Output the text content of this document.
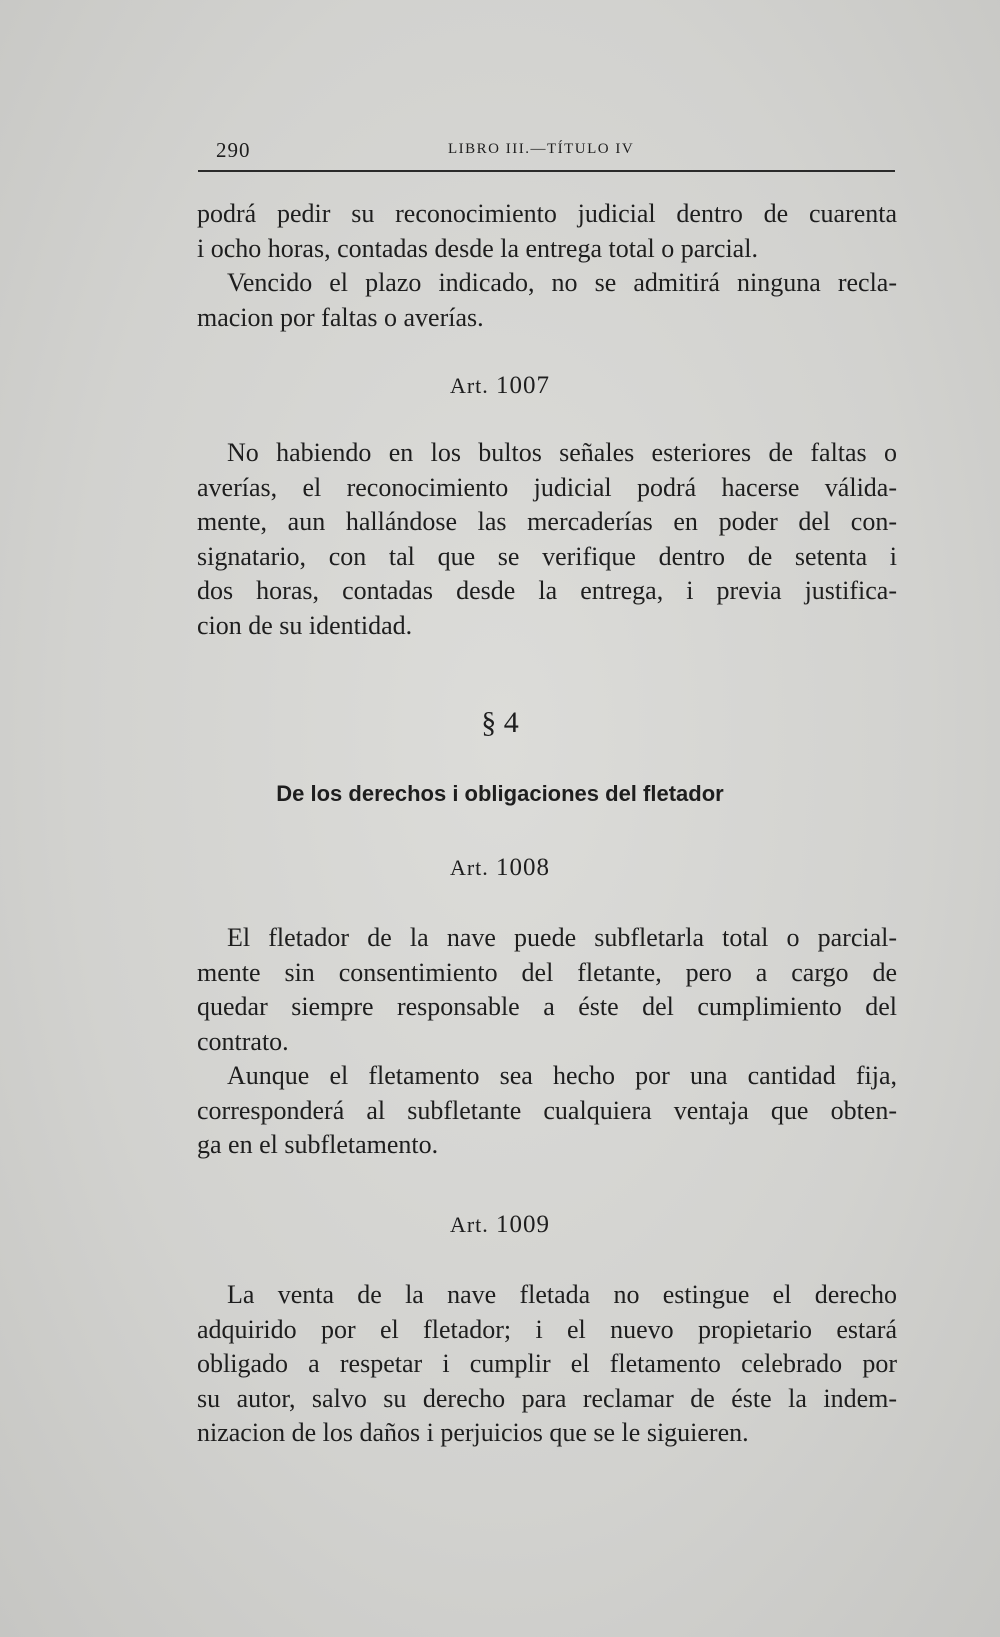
290	LIBRO III.—TÍTULO IV

podrá pedir su reconocimiento judicial dentro de cuarenta

i ocho horas, contadas desde la entrega total o parcial.

Vencido el plazo indicado, no se admitirá ninguna recla-

macion por faltas o averías.

Art. 1007

No habiendo en los bultos señales esteriores de faltas o

averías, el reconocimiento judicial podrá hacerse válida-

mente, aun hallándose las mercaderías en poder del con-

signatario, con tal que se verifique dentro de setenta i

dos horas, contadas desde la entrega, i previa justifica-

cion de su identidad.

§ 4
De los derechos i obligaciones del fletador
Art. 1008

El fletador de la nave puede subfletarla total o parcial-

mente sin consentimiento del fletante, pero a cargo de

quedar siempre responsable a éste del cumplimiento del

contrato.

Aunque el fletamento sea hecho por una cantidad fija,

corresponderá al subfletante cualquiera ventaja que obten-

ga en el subfletamento.

Art. 1009

La venta de la nave fletada no estingue el derecho

adquirido por el fletador; i el nuevo propietario estará

obligado a respetar i cumplir el fletamento celebrado por

su autor, salvo su derecho para reclamar de éste la indem-

nizacion de los daños i perjuicios que se le siguieren.
